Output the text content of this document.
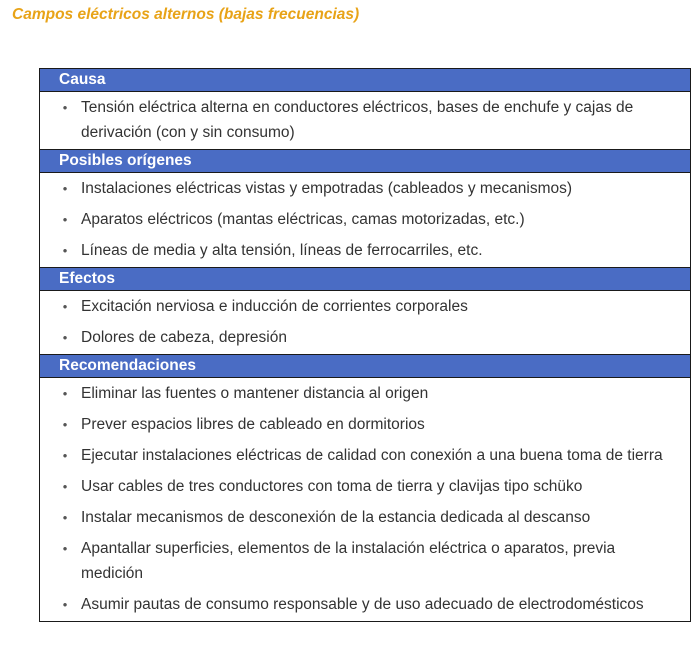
Campos eléctricos alternos (bajas frecuencias)
Causa
• Tensión eléctrica alterna en conductores eléctricos, bases de enchufe y cajas de derivación (con y sin consumo)
Posibles orígenes
• Instalaciones eléctricas vistas y empotradas (cableados y mecanismos)
• Aparatos eléctricos (mantas eléctricas, camas motorizadas, etc.)
• Líneas de media y alta tensión, líneas de ferrocarriles, etc.
Efectos
• Excitación nerviosa e inducción de corrientes corporales
• Dolores de cabeza, depresión
Recomendaciones
• Eliminar las fuentes o mantener distancia al origen
• Prever espacios libres de cableado en dormitorios
• Ejecutar instalaciones eléctricas de calidad con conexión a una buena toma de tierra
• Usar cables de tres conductores con toma de tierra y clavijas tipo schüko
• Instalar mecanismos de desconexión de la estancia dedicada al descanso
• Apantallar superficies, elementos de la instalación eléctrica o aparatos, previa medición
• Asumir pautas de consumo responsable y de uso adecuado de electrodomésticos
